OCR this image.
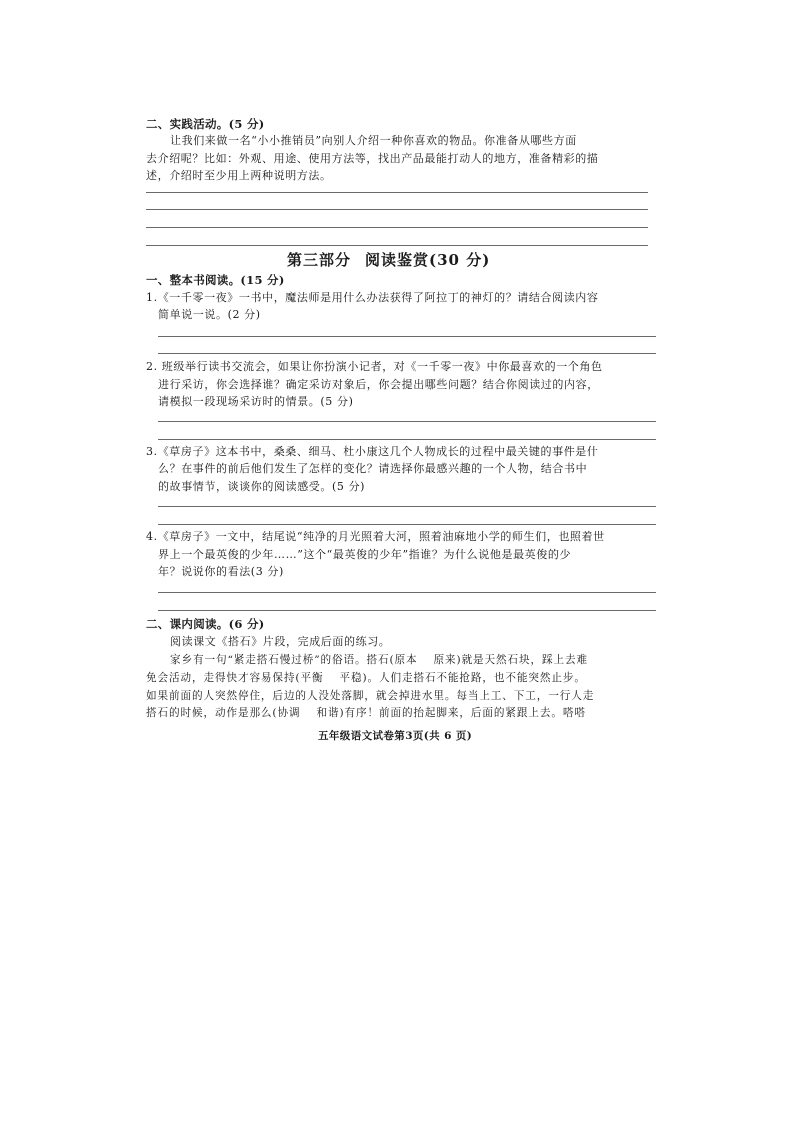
二、实践活动。(5 分)
让我们来做一名“小小推销员”向别人介绍一种你喜欢的物品。你准备从哪些方面
去介绍呢？比如：外观、用途、使用方法等，找出产品最能打动人的地方，准备精彩的描
述，介绍时至少用上两种说明方法。
第三部分 阅读鉴赏(30 分)
一、整本书阅读。(15 分)
1.《一千零一夜》一书中，魔法师是用什么办法获得了阿拉丁的神灯的？请结合阅读内容
简单说一说。(2 分)
2. 班级举行读书交流会，如果让你扮演小记者，对《一千零一夜》中你最喜欢的一个角色
进行采访，你会选择谁？确定采访对象后，你会提出哪些问题？结合你阅读过的内容，
请模拟一段现场采访时的情景。(5 分)
3.《草房子》这本书中，桑桑、细马、杜小康这几个人物成长的过程中最关键的事件是什
么？在事件的前后他们发生了怎样的变化？请选择你最感兴趣的一个人物，结合书中
的故事情节，谈谈你的阅读感受。(5 分)
4.《草房子》一文中，结尾说“纯净的月光照着大河，照着油麻地小学的师生们，也照着世
界上一个最英俊的少年……”这个“最英俊的少年”指谁？为什么说他是最英俊的少
年？说说你的看法(3 分)
二、课内阅读。(6 分)
阅读课文《搭石》片段，完成后面的练习。
家乡有一句“紧走搭石慢过桥”的俗语。搭石(原本 原来)就是天然石块，踩上去难
免会活动，走得快才容易保持(平衡 平稳)。人们走搭石不能抢路，也不能突然止步。
如果前面的人突然停住，后边的人没处落脚，就会掉进水里。每当上工、下工，一行人走
搭石的时候，动作是那么(协调 和谐)有序！前面的抬起脚来，后面的紧跟上去。嗒嗒
五年级语文试卷第3页(共 6 页)
